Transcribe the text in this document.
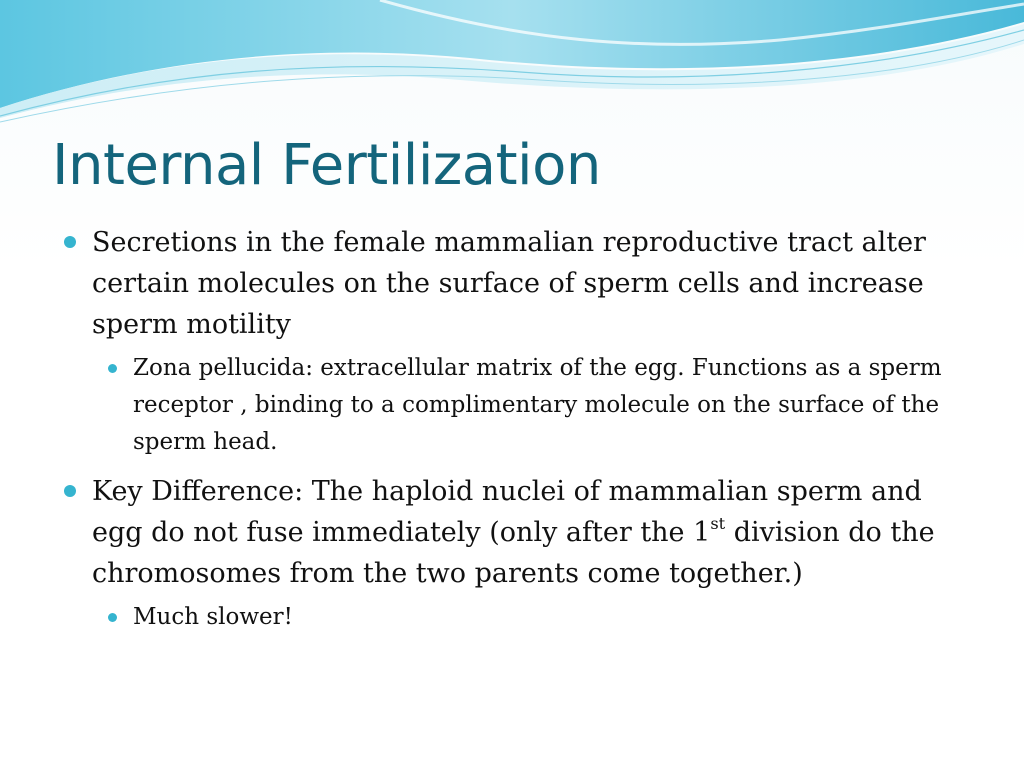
Internal Fertilization
Secretions in the female mammalian reproductive tract alter certain molecules on the surface of sperm cells and increase sperm motility
Zona pellucida: extracellular matrix of the egg. Functions as a sperm receptor , binding to a complimentary molecule on the surface of the sperm head.
Key Difference: The haploid nuclei of mammalian sperm and egg do not fuse immediately (only after the 1st division do the chromosomes from the two parents come together.)
Much slower!
